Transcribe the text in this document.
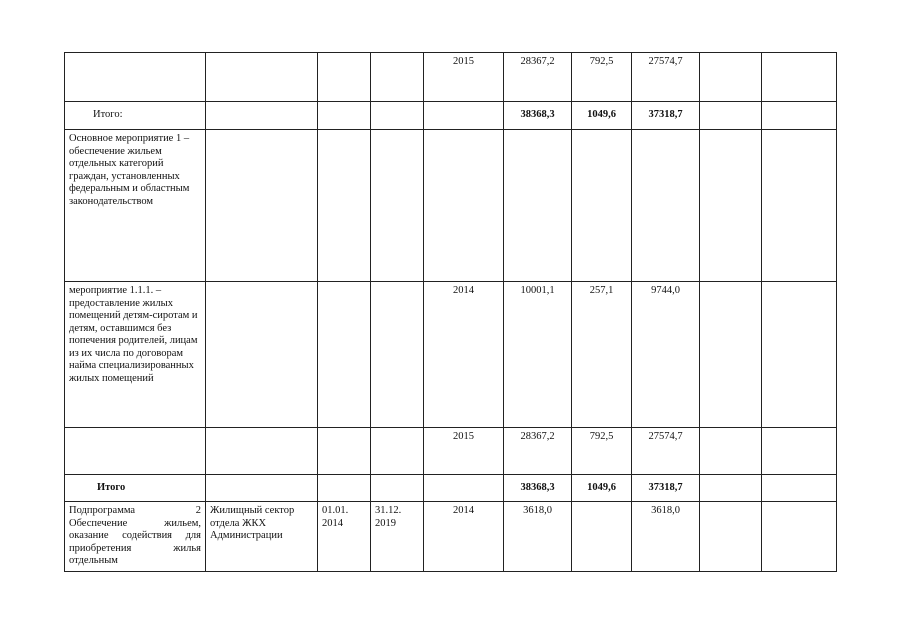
				2015	28367,2	792,5	27574,7		
Итого:					38368,3	1049,6	37318,7		
Основное мероприятие 1 – обеспечение жильем отдельных категорий граждан, установленных федеральным и областным законодательством									
мероприятие 1.1.1. – предоставление жилых помещений детям-сиротам и детям, оставшимся без попечения родителей, лицам из их числа по договорам найма специализированных жилых помещений				2014	10001,1	257,1	9744,0		
				2015	28367,2	792,5	27574,7		
Итого					38368,3	1049,6	37318,7		
Подпрограмма 2 Обеспечение жильем, оказание содействия для приобретения жилья отдельным	Жилищный сектор отдела ЖКХ Администрации	01.01. 2014	31.12. 2019	2014	3618,0		3618,0		
